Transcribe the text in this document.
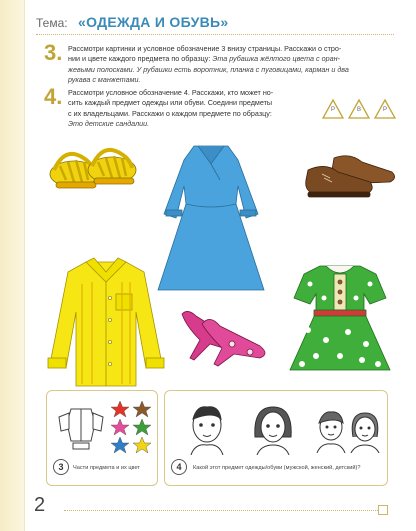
Тема: «ОДЕЖДА И ОБУВЬ»
3. Рассмотри картинки и условное обозначение 3 внизу страницы. Расскажи о стро-
нии и цвете каждого предмета по образцу: Эта рубашка жёлтого цвета с оран-
жевыми полосками. У рубашки есть воротник, планка с пуговицами, карман и два
рукава с манжетами.
4. Рассмотри условное обозначение 4. Расскажи, кто может но-
сить каждый предмет одежды или обуви. Соедини предметы
с их владельцами. Расскажи о каждом предмете по образцу:
Это детские сандалии.
Р	В	Р
3	Части предмета и их цвет	4	Какой этот предмет одежды/обуви (мужской, женский, детский)?
2
